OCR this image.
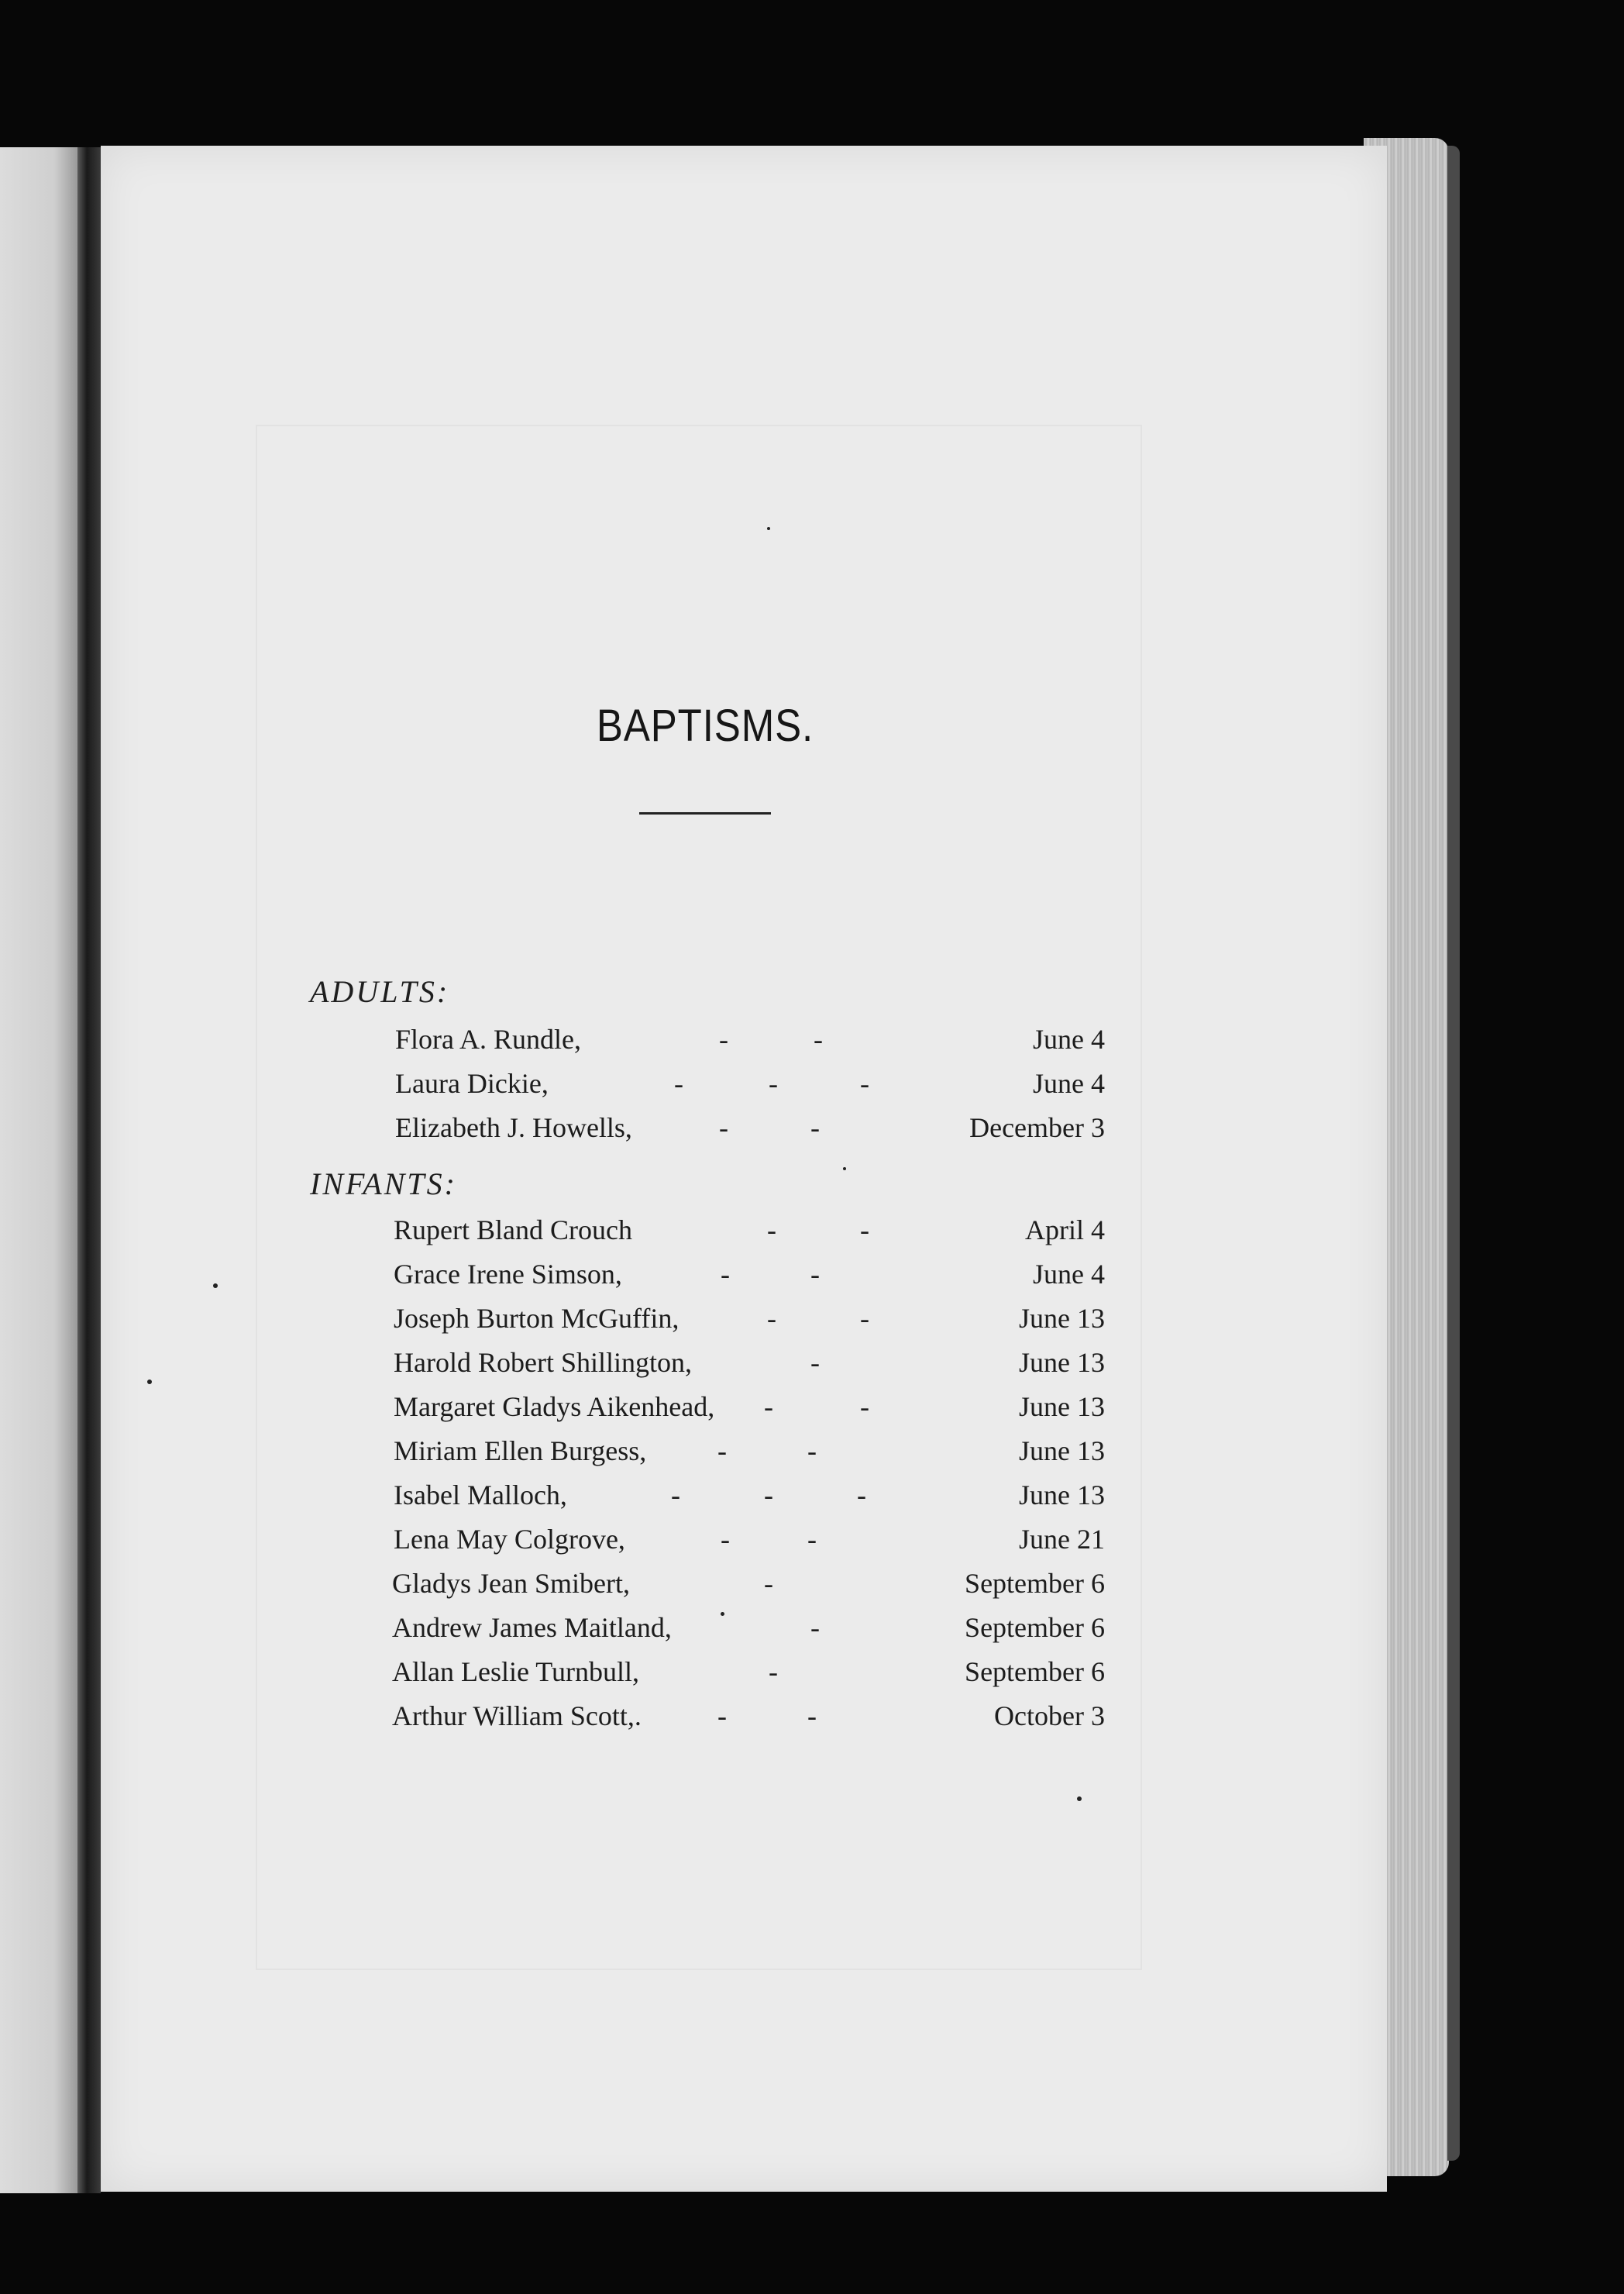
BAPTISMS.
ADULTS:
Flora A. Rundle,	-	-	June 4
Laura Dickie,	-	-	-	June 4
Elizabeth J. Howells,	-	-	December 3
INFANTS:
Rupert Bland Crouch	-	-	April 4
Grace Irene Simson,	-	-	June 4
Joseph Burton McGuffin,	-	-	June 13
Harold Robert Shillington,	-	June 13
Margaret Gladys Aikenhead, -	-	June 13
Miriam Ellen Burgess,	-	-	June 13
Isabel Malloch,	-	-	-	June 13
Lena May Colgrove,	-	-	June 21
Gladys Jean Smibert,	-	September 6
Andrew James Maitland,	-	September 6
Allan Leslie Turnbull,	-	September 6
Arthur William Scott,.	-	-	October 3
